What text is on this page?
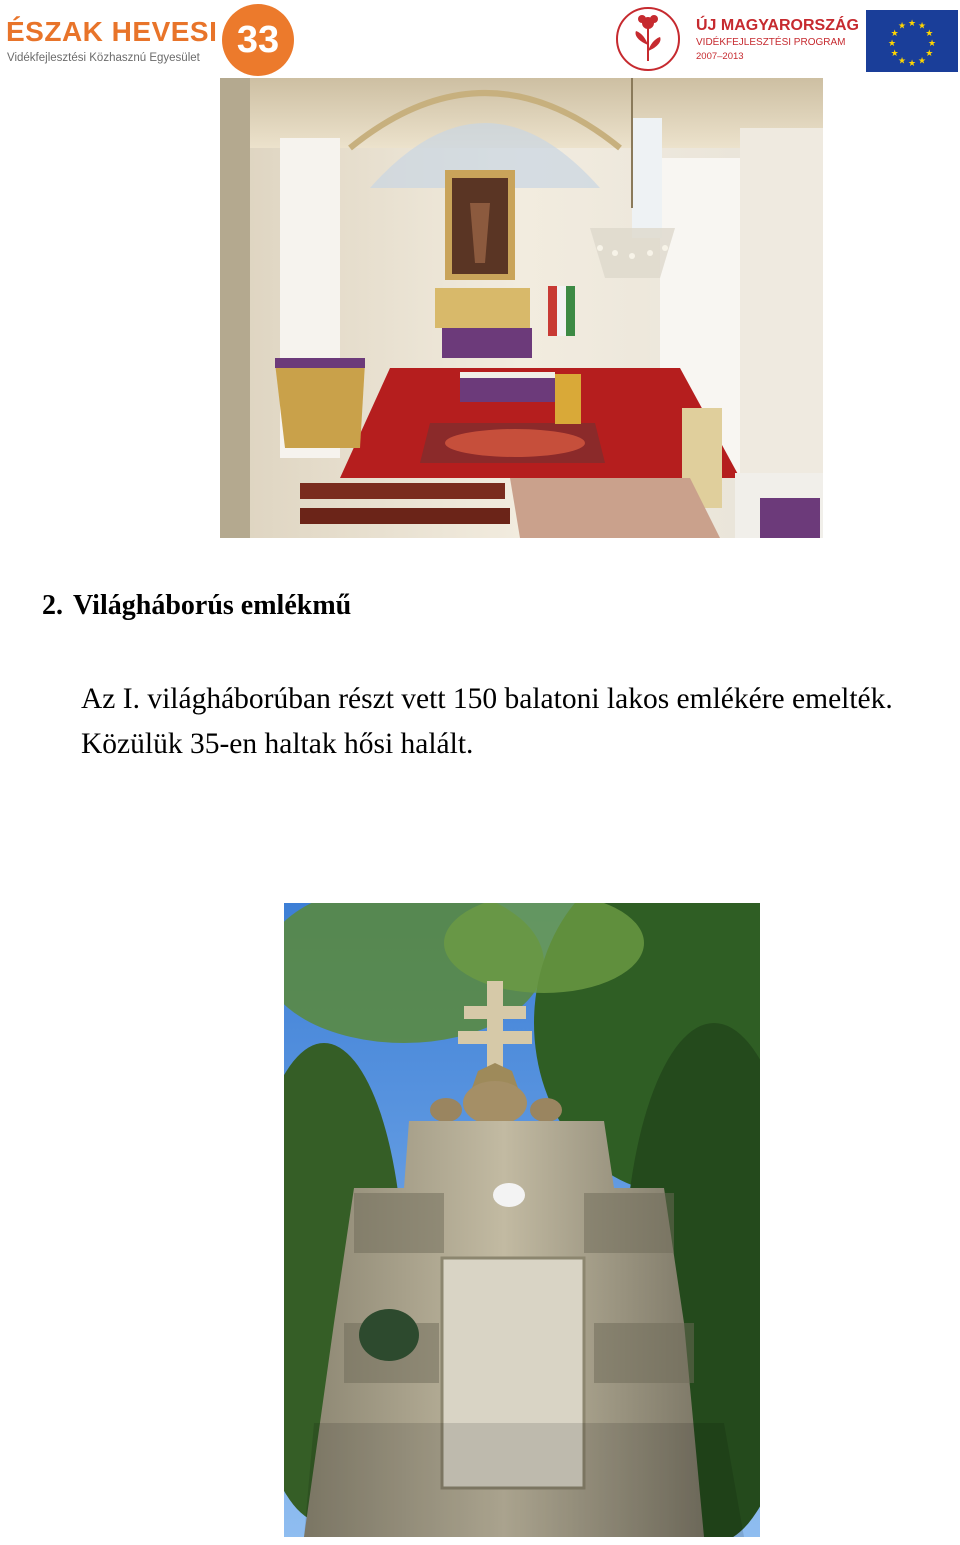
ÉSZAK HEVESI
Vidékfejlesztési Közhasznú Egyesület 33	ÚJ MAGYARORSZÁG
VIDÉKFEJLESZTÉSI PROGRAM
2007–2013
★ ★
★
★
★
★
★
★
★
★
★
★
2. Világháborús emlékmű

Az I. világháborúban részt vett 150 balatoni lakos emlékére emelték. Közülük 35-en haltak hősi halált.
